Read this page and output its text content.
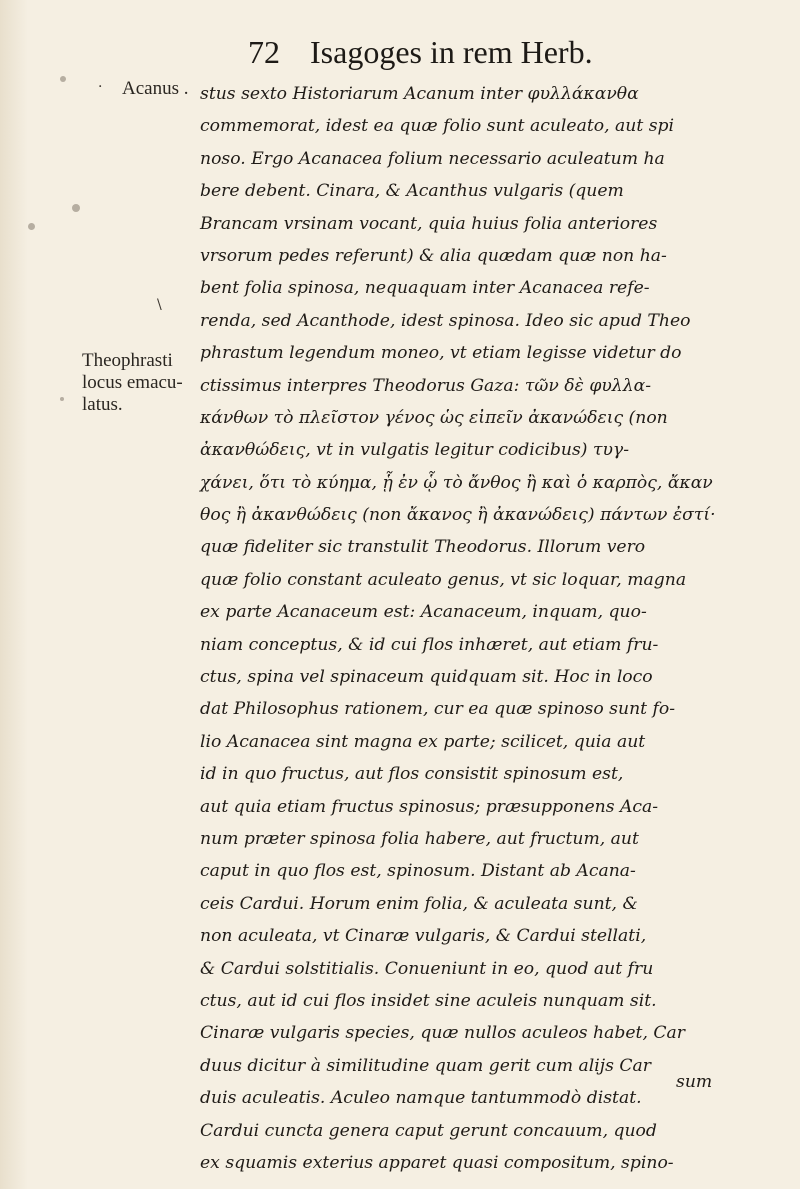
\
·
72 Isagoges in rem Herb.
Acanus .
Theophrasti
locus emacu-
latus.
stus sexto Historiarum Acanum inter φυλλάκανθα
commemorat, idest ea quæ folio sunt aculeato, aut spi
noso. Ergo Acanacea folium necessario aculeatum ha
bere debent. Cinara, & Acanthus vulgaris (quem
Brancam vrsinam vocant, quia huius folia anteriores
vrsorum pedes referunt) & alia quædam quæ non ha-
bent folia spinosa, nequaquam inter Acanacea refe-
renda, sed Acanthode, idest spinosa. Ideo sic apud Theo
phrastum legendum moneo, vt etiam legisse videtur do
ctissimus interpres Theodorus Gaza: τῶν δὲ φυλλα-
κάνθων τὸ πλεῖστον γένος ὡς εἰπεῖν ἀκανώδεις (non
ἀκανθώδεις, vt in vulgatis legitur codicibus) τυγ-
χάνει, ὅτι τὸ κύημα, ᾗ ἐν ᾧ τὸ ἄνθος ἢ καὶ ὁ καρπὸς, ἄκαν
θος ἢ ἀκανθώδεις (non ἄκανος ἢ ἀκανώδεις) πάντων ἐστί·
quæ fideliter sic transtulit Theodorus. Illorum vero
quæ folio constant aculeato genus, vt sic loquar, magna
ex parte Acanaceum est: Acanaceum, inquam, quo-
niam conceptus, & id cui flos inhæret, aut etiam fru-
ctus, spina vel spinaceum quidquam sit. Hoc in loco
dat Philosophus rationem, cur ea quæ spinoso sunt fo-
lio Acanacea sint magna ex parte; scilicet, quia aut
id in quo fructus, aut flos consistit spinosum est,
aut quia etiam fructus spinosus; præsupponens Aca-
num præter spinosa folia habere, aut fructum, aut
caput in quo flos est, spinosum. Distant ab Acana-
ceis Cardui. Horum enim folia, & aculeata sunt, &
non aculeata, vt Cinaræ vulgaris, & Cardui stellati,
& Cardui solstitialis. Conueniunt in eo, quod aut fru
ctus, aut id cui flos insidet sine aculeis nunquam sit.
Cinaræ vulgaris species, quæ nullos aculeos habet, Car
duus dicitur à similitudine quam gerit cum alijs Car
duis aculeatis. Aculeo namque tantummodò distat.
Cardui cuncta genera caput gerunt concauum, quod
ex squamis exterius apparet quasi compositum, spino-
sum
